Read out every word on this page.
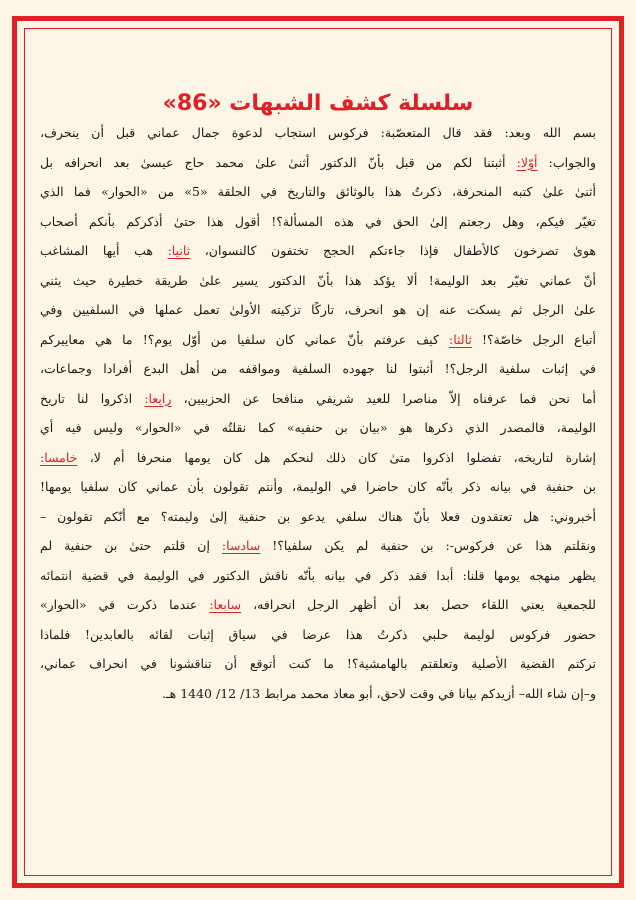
سلسلة كشف الشبهات «86»
بسم الله وبعد: فقد قال المتعصّبة: فركوس استجاب لدعوة جمال عماني قبل أن ينحرف،
والجواب: أوّلا: أثبتنا لكم من قبل بأنّ الدكتور أثنىٰ علىٰ محمد حاج عيسىٰ بعد انحرافه بل
أثنىٰ علىٰ كتبه المنحرفة، ذكرتُ هذا بالوثائق والتاريخ في الحلقة «5» من «الحوار» فما الذي
تغيّر فيكم، وهل رجعتم إلىٰ الحق في هذه المسألة؟! أقول هذا حتىٰ أذكركم بأنكم أصحاب
هوىٰ تصرخون كالأطفال فإذا جاءتكم الحجج تختفون كالنسوان، ثانيا: هب أيها المشاغب
أنّ عماني تغيّر بعد الوليمة! ألا يؤكد هذا بأنّ الدكتور يسير علىٰ طريقة خطيرة حيث يثني
علىٰ الرجل ثم يسكت عنه إن هو انحرف، تاركًا تزكيته الأولىٰ تعمل عملها في السلفيين وفي
أتباع الرجل خاصّة؟! ثالثا: كيف عرفتم بأنّ عماني كان سلفيا من أوّل يوم؟! ما هي معاييركم
في إثبات سلفية الرجل؟! أثبتوا لنا جهوده السلفية ومواقفه من أهل البدع أفرادا وجماعات،
أما نحن فما عرفناه إلاّ مناصرا للعيد شريفي منافحا عن الحزبيين، رابعا: اذكروا لنا تاريخ
الوليمة، فالمصدر الذي ذكرها هو «بيان بن حنفيه» كما نقلتُه في «الحوار» وليس فيه أي
إشارة لتاريخه، تفضلوا اذكروا متىٰ كان ذلك لنحكم هل كان يومها منحرفا أم لا، خامسا:
بن حنفية في بيانه ذكر بأنّه كان حاضرا في الوليمة، وأنتم تقولون بأن عماني كان سلفيا يومها!
أخبروني: هل تعتقدون فعلا بأنّ هناك سلفي يدعو بن حنفية إلىٰ وليمته؟ مع أنّكم تقولون –
ونقلتم هذا عن فركوس-: بن حنفية لم يكن سلفيا؟! سادسا: إن قلتم حتىٰ بن حنفية لم
يظهر منهجه يومها قلنا: أبدا فقد ذكر في بيانه بأنّه ناقش الدكتور في الوليمة في قضية انتمائه
للجمعية يعني اللقاء حصل بعد أن أظهر الرجل انحرافه، سابعا: عندما ذكرت في «الحوار»
حضور فركوس لوليمة حلبي ذكرتُ هذا عرضا في سياق إثبات لقائه بالعابدين! فلماذا
تركتم القضية الأصلية وتعلقتم بالهامشية؟! ما كنت أتوقع أن تناقشونا في انحراف عماني،
و–إن شاء الله– أزيدكم بيانا في وقت لاحق، أبو معاذ محمد مرابط 13/ 12/ 1440 هـ.
